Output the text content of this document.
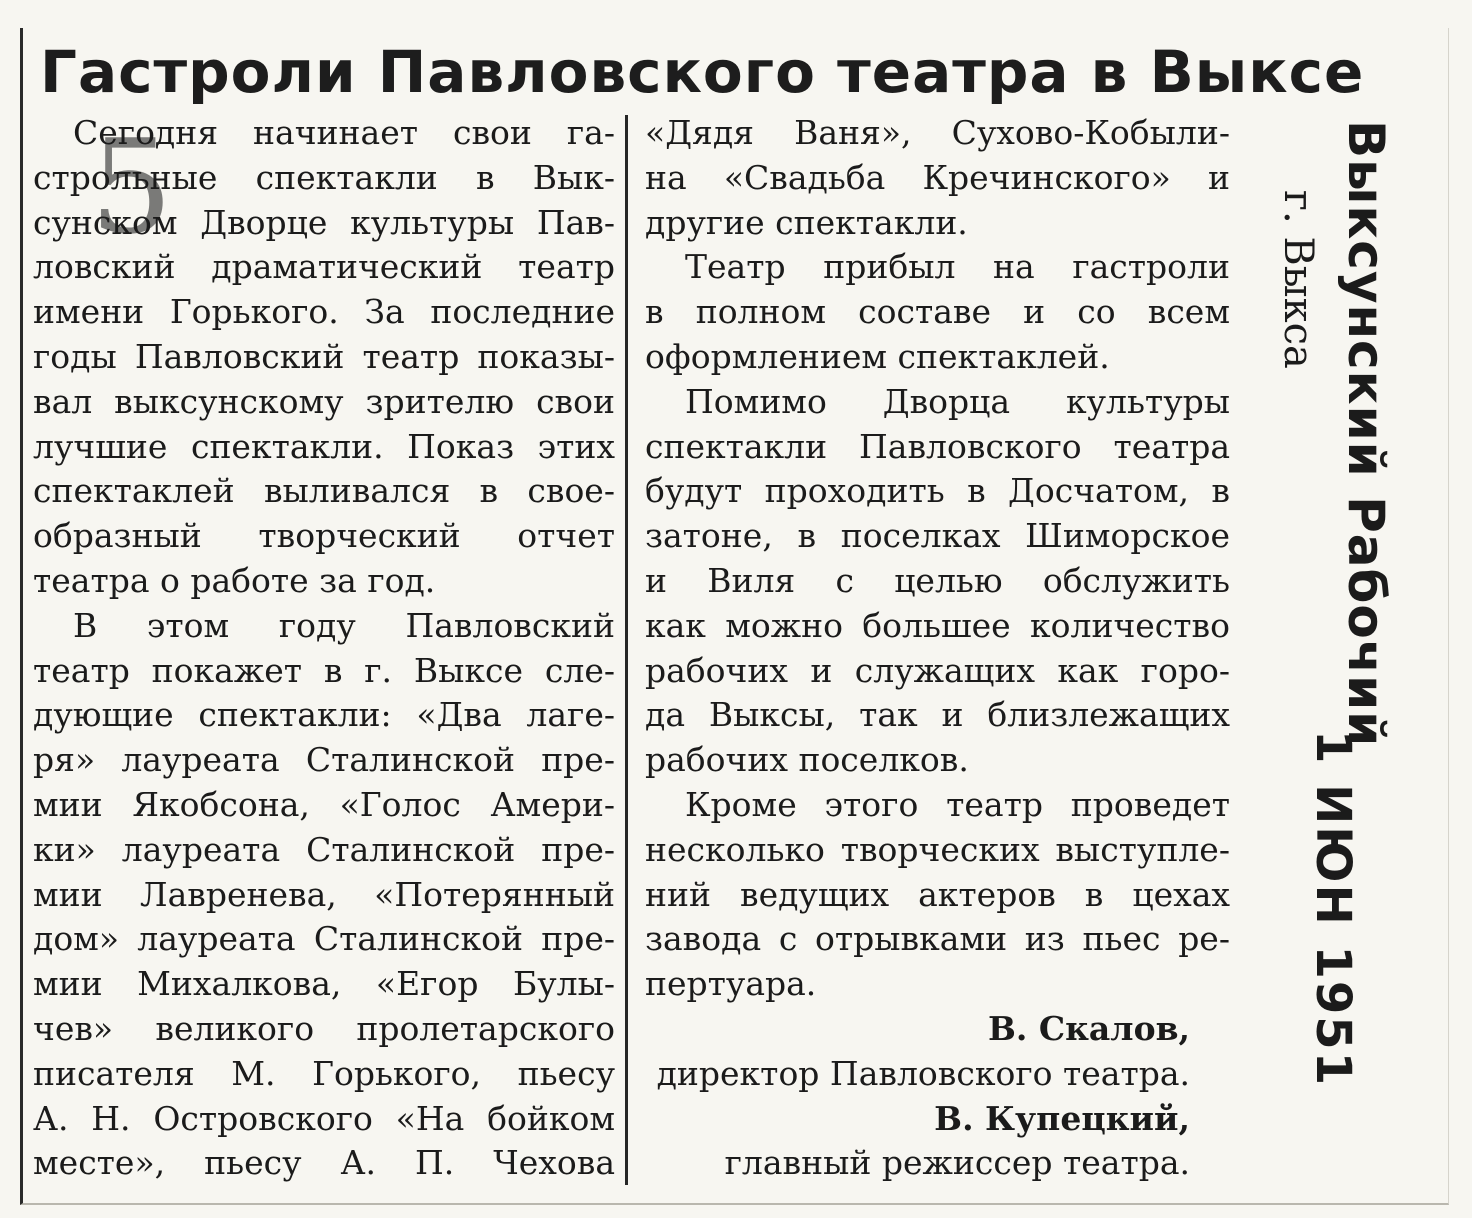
Гастроли Павловского театра в Выксе
5
Сегодня начинает свои га-
строльные спектакли в Вык-
сунском Дворце культуры Пав-
ловский драматический театр
имени Горького. За последние
годы Павловский театр показы-
вал выксунскому зрителю свои
лучшие спектакли. Показ этих
спектаклей выливался в свое-
образный творческий отчет
театра о работе за год.
В этом году Павловский
театр покажет в г. Выксе сле-
дующие спектакли: «Два лаге-
ря» лауреата Сталинской пре-
мии Якобсона, «Голос Амери-
ки» лауреата Сталинской пре-
мии Лавренева, «Потерянный
дом» лауреата Сталинской пре-
мии Михалкова, «Егор Булы-
чев» великого пролетарского
писателя М. Горького, пьесу
А. Н. Островского «На бойком
месте», пьесу А. П. Чехова
«Дядя Ваня», Сухово-Кобыли-
на «Свадьба Кречинского» и
другие спектакли.
Театр прибыл на гастроли
в полном составе и со всем
оформлением спектаклей.
Помимо Дворца культуры
спектакли Павловского театра
будут проходить в Досчатом, в
затоне, в поселках Шиморское
и Виля с целью обслужить
как можно большее количество
рабочих и служащих как горо-
да Выксы, так и близлежащих
рабочих поселков.
Кроме этого театр проведет
несколько творческих выступле-
ний ведущих актеров в цехах
завода с отрывками из пьес ре-
пертуара.
В. Скалов,
директор Павловского театра.
В. Купецкий,
главный режиссер театра.
Выксунский Рабочий
г. Выкса
1 ИЮН 1951
